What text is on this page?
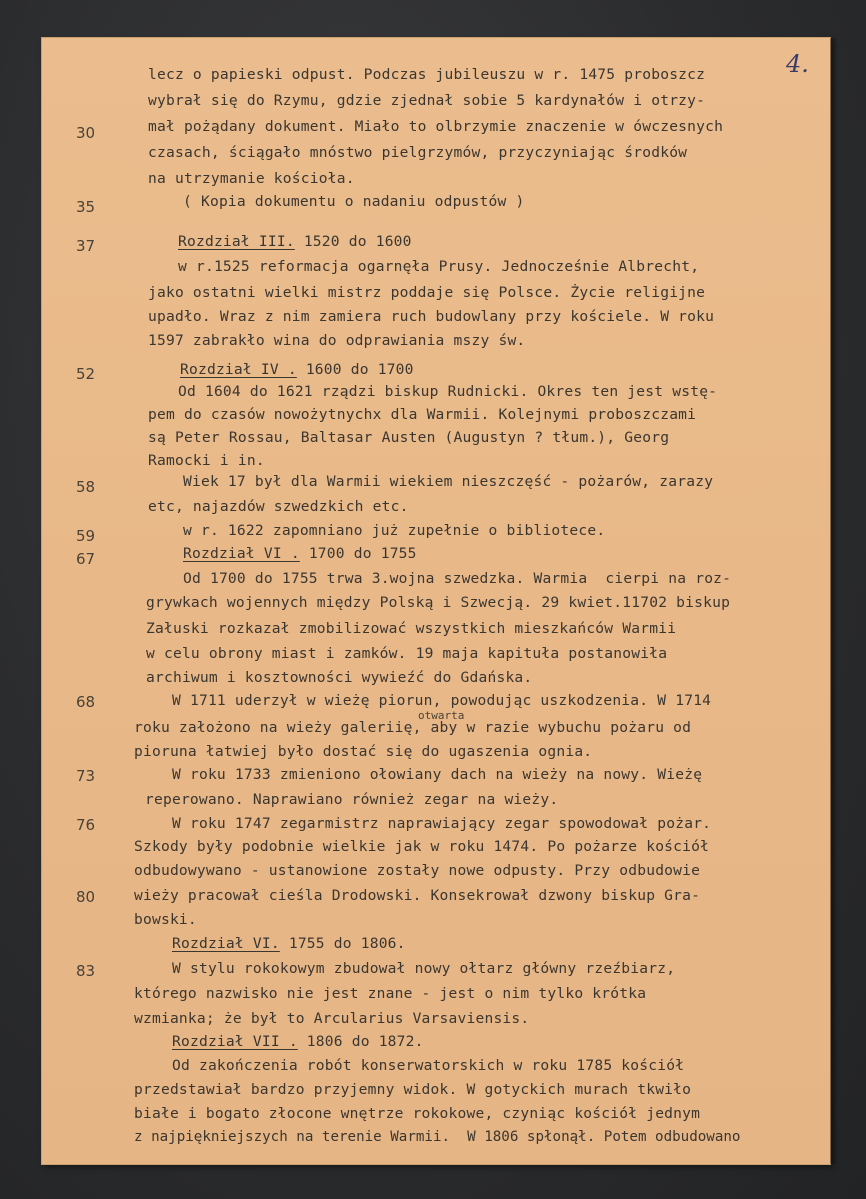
4.
30
35
37
52
58
59
67
68
73
76
80
83
lecz o papieski odpust. Podczas jubileuszu w r. 1475 proboszcz
wybrał się do Rzymu, gdzie zjednał sobie 5 kardynałów i otrzy-
mał pożądany dokument. Miało to olbrzymie znaczenie w ówczesnych
czasach, ściągało mnóstwo pielgrzymów, przyczyniając środków
na utrzymanie kościoła.
( Kopia dokumentu o nadaniu odpustów )
Rozdział III. 1520 do 1600
w r.1525 reformacja ogarnęła Prusy. Jednocześnie Albrecht,
jako ostatni wielki mistrz poddaje się Polsce. Życie religijne
upadło. Wraz z nim zamiera ruch budowlany przy kościele. W roku
1597 zabrakło wina do odprawiania mszy św.
Rozdział IV . 1600 do 1700
Od 1604 do 1621 rządzi biskup Rudnicki. Okres ten jest wstę-
pem do czasów nowożytnychx dla Warmii. Kolejnymi proboszczami
są Peter Rossau, Baltasar Austen (Augustyn ? tłum.), Georg
Ramocki i in.
Wiek 17 był dla Warmii wiekiem nieszczęść - pożarów, zarazy
etc, najazdów szwedzkich etc.
w r. 1622 zapomniano już zupełnie o bibliotece.
Rozdział VI . 1700 do 1755
Od 1700 do 1755 trwa 3.wojna szwedzka. Warmia  cierpi na roz-
grywkach wojennych między Polską i Szwecją. 29 kwiet.11702 biskup
Załuski rozkazał zmobilizować wszystkich mieszkańców Warmii
w celu obrony miast i zamków. 19 maja kapituła postanowiła
archiwum i kosztowności wywieźć do Gdańska.
W 1711 uderzył w wieżę piorun, powodując uszkodzenia. W 1714
roku założono na wieży galeriię, aby w razie wybuchu pożaru od
otwarta
pioruna łatwiej było dostać się do ugaszenia ognia.
W roku 1733 zmieniono ołowiany dach na wieży na nowy. Wieżę
reperowano. Naprawiano również zegar na wieży.
W roku 1747 zegarmistrz naprawiający zegar spowodował pożar.
Szkody były podobnie wielkie jak w roku 1474. Po pożarze kościół
odbudowywano - ustanowione zostały nowe odpusty. Przy odbudowie
wieży pracował cieśla Drodowski. Konsekrował dzwony biskup Gra-
bowski.
Rozdział VI. 1755 do 1806.
W stylu rokokowym zbudował nowy ołtarz główny rzeźbiarz,
którego nazwisko nie jest znane - jest o nim tylko krótka
wzmianka; że był to Arcularius Varsaviensis.
Rozdział VII . 1806 do 1872.
Od zakończenia robót konserwatorskich w roku 1785 kościół
przedstawiał bardzo przyjemny widok. W gotyckich murach tkwiło
białe i bogato złocone wnętrze rokokowe, czyniąc kościół jednym
z najpiękniejszych na terenie Warmii.  W 1806 spłonął. Potem odbudowano
